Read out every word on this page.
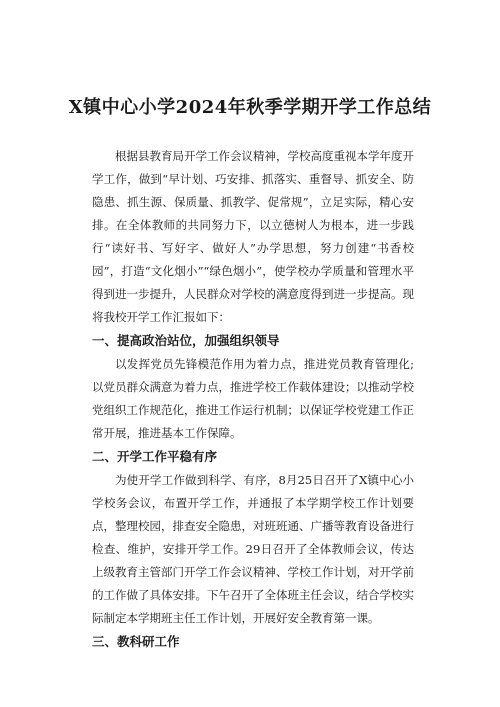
X镇中心小学2024年秋季学期开学工作总结

根据县教育局开学工作会议精神，学校高度重视本学年度开学工作，做到“早计划、巧安排、抓落实、重督导、抓安全、防隐患、抓生源、保质量、抓教学、促常规”，立足实际，精心安排。在全体教师的共同努力下，以立德树人为根本，进一步践行“读好书、写好字、做好人”办学思想，努力创建“书香校园”，打造“文化烟小”“绿色烟小”，使学校办学质量和管理水平得到进一步提升，人民群众对学校的满意度得到进一步提高。现将我校开学工作汇报如下：

一、提高政治站位，加强组织领导

以发挥党员先锋模范作用为着力点，推进党员教育管理化;以党员群众满意为着力点，推进学校工作载体建设；以推动学校党组织工作规范化，推进工作运行机制；以保证学校党建工作正常开展，推进基本工作保障。

二、开学工作平稳有序

为使开学工作做到科学、有序，8月25日召开了X镇中心小学校务会议，布置开学工作，并通报了本学期学校工作计划要点，整理校园，排查安全隐患，对班班通、广播等教育设备进行检查、维护，安排开学工作。29日召开了全体教师会议，传达上级教育主管部门开学工作会议精神、学校工作计划，对开学前的工作做了具体安排。下午召开了全体班主任会议，结合学校实际制定本学期班主任工作计划，开展好安全教育第一课。

三、教科研工作
